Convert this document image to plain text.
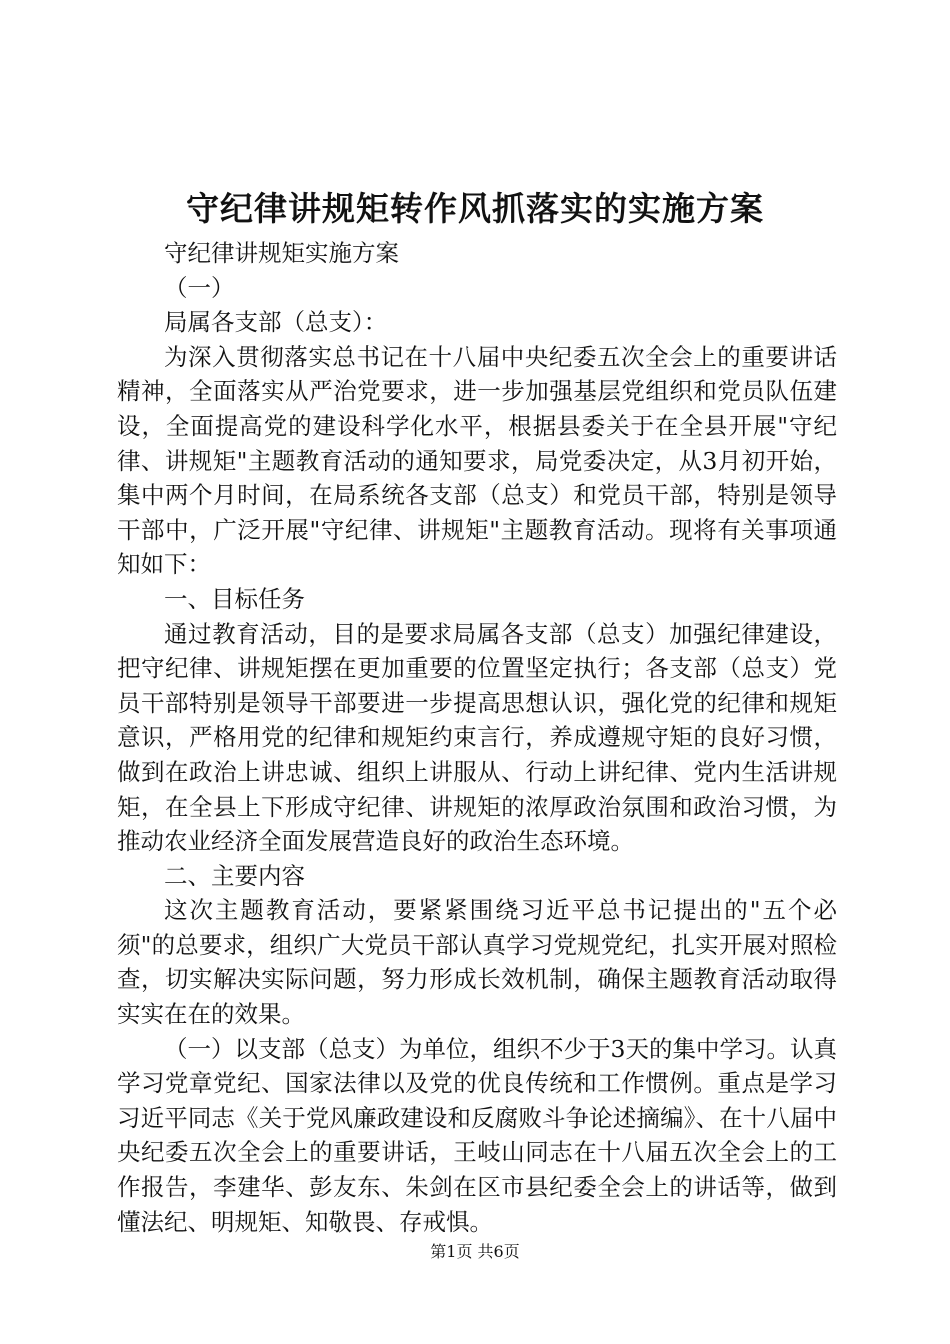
守纪律讲规矩转作风抓落实的实施方案

守纪律讲规矩实施方案

（一）

局属各支部（总支）：

为深入贯彻落实总书记在十八届中央纪委五次全会上的重要讲话精神，全面落实从严治党要求，进一步加强基层党组织和党员队伍建设，全面提高党的建设科学化水平，根据县委关于在全县开展"守纪律、讲规矩"主题教育活动的通知要求，局党委决定，从3月初开始，集中两个月时间，在局系统各支部（总支）和党员干部，特别是领导干部中，广泛开展"守纪律、讲规矩"主题教育活动。现将有关事项通知如下：

一、目标任务

通过教育活动，目的是要求局属各支部（总支）加强纪律建设，把守纪律、讲规矩摆在更加重要的位置坚定执行；各支部（总支）党员干部特别是领导干部要进一步提高思想认识，强化党的纪律和规矩意识，严格用党的纪律和规矩约束言行，养成遵规守矩的良好习惯，做到在政治上讲忠诚、组织上讲服从、行动上讲纪律、党内生活讲规矩，在全县上下形成守纪律、讲规矩的浓厚政治氛围和政治习惯，为推动农业经济全面发展营造良好的政治生态环境。

二、主要内容

这次主题教育活动，要紧紧围绕习近平总书记提出的"五个必须"的总要求，组织广大党员干部认真学习党规党纪，扎实开展对照检查，切实解决实际问题，努力形成长效机制，确保主题教育活动取得实实在在的效果。

（一）以支部（总支）为单位，组织不少于3天的集中学习。认真学习党章党纪、国家法律以及党的优良传统和工作惯例。重点是学习习近平同志《关于党风廉政建设和反腐败斗争论述摘编》、在十八届中央纪委五次全会上的重要讲话，王岐山同志在十八届五次全会上的工作报告，李建华、彭友东、朱剑在区市县纪委全会上的讲话等，做到懂法纪、明规矩、知敬畏、存戒惧。

第1页 共6页
